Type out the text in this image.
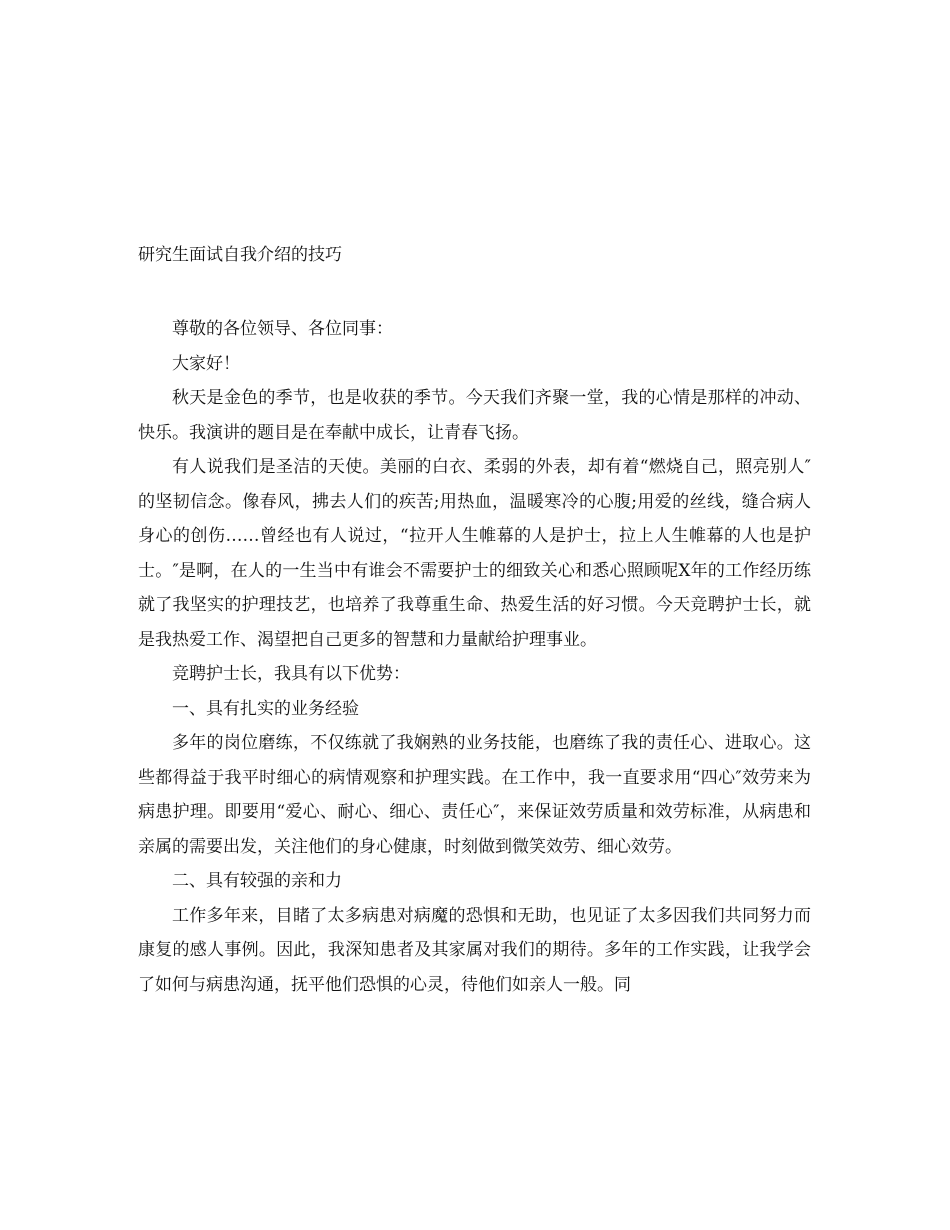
研究生面试自我介绍的技巧

尊敬的各位领导、各位同事：

大家好！

秋天是金色的季节，也是收获的季节。今天我们齐聚一堂，我的心情是那样的冲动、快乐。我演讲的题目是在奉献中成长，让青春飞扬。

有人说我们是圣洁的天使。美丽的白衣、柔弱的外表，却有着“燃烧自己，照亮别人″的坚韧信念。像春风，拂去人们的疾苦;用热血，温暖寒冷的心腹;用爱的丝线，缝合病人身心的创伤……曾经也有人说过，“拉开人生帷幕的人是护士，拉上人生帷幕的人也是护士。″是啊，在人的一生当中有谁会不需要护士的细致关心和悉心照顾呢X年的工作经历练就了我坚实的护理技艺，也培养了我尊重生命、热爱生活的好习惯。今天竞聘护士长，就是我热爱工作、渴望把自己更多的智慧和力量献给护理事业。

竞聘护士长，我具有以下优势：

一、具有扎实的业务经验

多年的岗位磨练，不仅练就了我娴熟的业务技能，也磨练了我的责任心、进取心。这些都得益于我平时细心的病情观察和护理实践。在工作中，我一直要求用“四心″效劳来为病患护理。即要用“爱心、耐心、细心、责任心″，来保证效劳质量和效劳标准，从病患和亲属的需要出发，关注他们的身心健康，时刻做到微笑效劳、细心效劳。

二、具有较强的亲和力

工作多年来，目睹了太多病患对病魔的恐惧和无助，也见证了太多因我们共同努力而康复的感人事例。因此，我深知患者及其家属对我们的期待。多年的工作实践，让我学会了如何与病患沟通，抚平他们恐惧的心灵，待他们如亲人一般。同
